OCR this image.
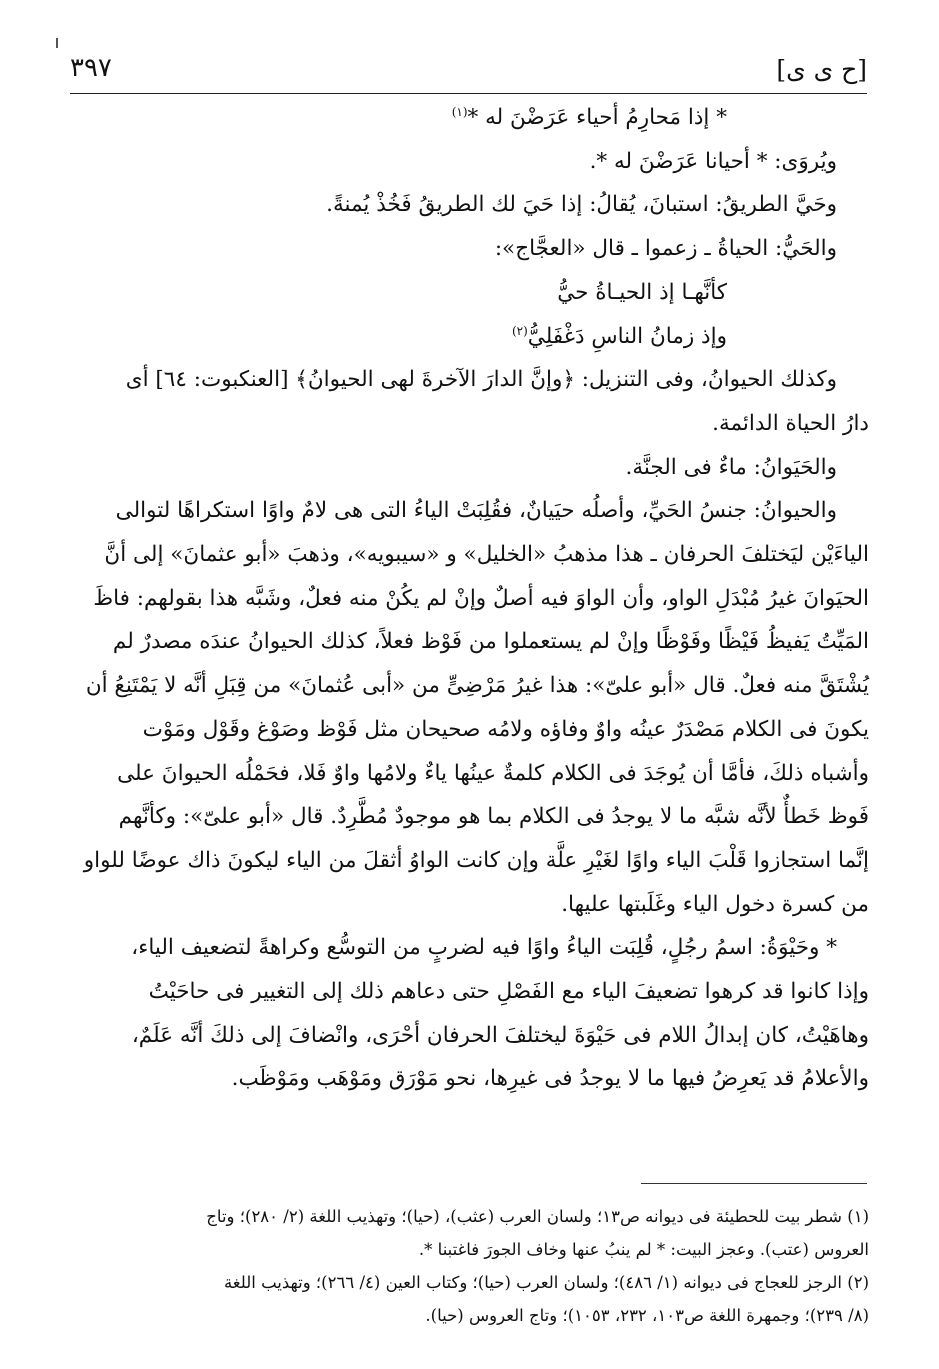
[ح ى ى]
٣٩٧

* إذا مَحارِمُ أحياء عَرَضْنَ له *$^{(١)}$

ويُروَى: * أحيانا عَرَضْنَ له *.

وحَيَّ الطريقُ: استبانَ، يُقالُ: إذا حَيَ لك الطريقُ فَخُذْ يُمنةً.

والحَيُّ: الحياةُ ـ زعموا ـ قال «العجَّاج»:

كأنَّهـا إذ الحيـاةُ حيُّ

وإذ زمانُ الناسِ دَغْفَلِيُّ$^{(٢)}$

وكذلك الحيوانُ، وفى التنزيل: ﴿وإنَّ الدارَ الآخرةَ لهى الحيوانُ﴾ [العنكبوت: ٦٤] أى

دارُ الحياة الدائمة.

والحَيَوانُ: ماءٌ فى الجنَّة.

والحيوانُ: جنسُ الحَيِّ، وأصلُه حيَيانٌ، فقُلِبَتْ الياءُ التى هى لامٌ واوًا استكراهًا لتوالى

الياءَيْن ليَختلفَ الحرفان ـ هذا مذهبُ «الخليل» و «سيبويه»، وذهبَ «أبو عثمانَ» إلى أنَّ

الحيَوانَ غيرُ مُبْدَلِ الواو، وأن الواوَ فيه أصلٌ وإنْ لم يكُنْ منه فعلٌ، وشَبَّه هذا بقولهم: فاظَ

المَيِّتُ يَفيظُ فَيْظًا وفَوْظًا وإنْ لم يستعملوا من فَوْظ فعلاً، كذلك الحيوانُ عندَه مصدرٌ لم

يُشْتَقَّ منه فعلٌ. قال «أبو علىّ»: هذا غيرُ مَرْضِىٍّ من «أبى عُثمانَ» من قِبَلِ أنَّه لا يَمْتَنِعُ أن

يكونَ فى الكلام مَصْدَرٌ عينُه واوٌ وفاؤه ولامُه صحيحان مثل فَوْظ وصَوْغ وقَوْل ومَوْت

وأشباه ذلكَ، فأمَّا أن يُوجَدَ فى الكلام كلمةٌ عينُها ياءٌ ولامُها واوٌ فَلا، فحَمْلُه الحيوانَ على

فَوظ خَطأٌ لأنَّه شبَّه ما لا يوجدُ فى الكلام بما هو موجودٌ مُطَّرِدٌ. قال «أبو علىّ»: وكأنَّهم

إنَّما استجازوا قَلْبَ الياء واوًا لغَيْرِ علَّة وإن كانت الواوُ أثقلَ من الياء ليكونَ ذاك عوضًا للواو

من كسرة دخول الياء وغَلَبتها عليها.

* وحَيْوَةُ: اسمُ رجُلٍ، قُلِبَت الياءُ واوًا فيه لضربٍ من التوسُّع وكراهةً لتضعيف الياء،

وإذا كانوا قد كرهوا تضعيفَ الياء مع الفَصْلِ حتى دعاهم ذلك إلى التغيير فى حاحَيْتُ

وهاهَيْتُ، كان إبدالُ اللام فى حَيْوَةَ ليختلفَ الحرفان أحْرَى، وانْضافَ إلى ذلكَ أنَّه عَلَمٌ،

والأعلامُ قد يَعرِضُ فيها ما لا يوجدُ فى غيرِها، نحو مَوْرَق ومَوْهَب ومَوْظَب.

(١) شطر بيت للحطيئة فى ديوانه ص١٣؛ ولسان العرب (عثب)، (حيا)؛ وتهذيب اللغة (٢/ ٢٨٠)؛ وتاج

العروس (عتب). وعجز البيت: * لم ينبُ عنها وخاف الجورَ فاغتبنا *.

(٢) الرجز للعجاج فى ديوانه (١/ ٤٨٦)؛ ولسان العرب (حيا)؛ وكتاب العين (٤/ ٢٦٦)؛ وتهذيب اللغة

(٨/ ٢٣٩)؛ وجمهرة اللغة ص١٠٣، ٢٣٢، ١٠٥٣)؛ وتاج العروس (حيا).
